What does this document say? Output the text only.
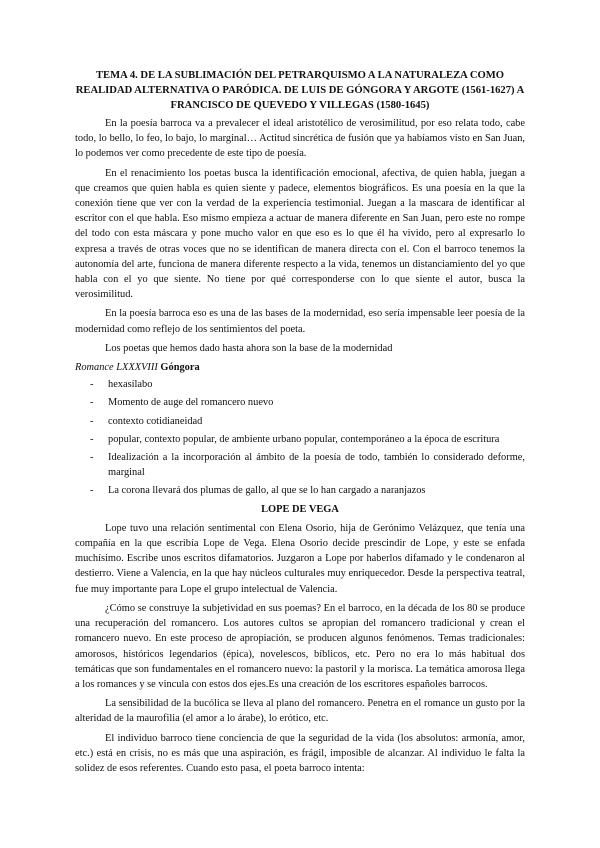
TEMA 4. DE LA SUBLIMACIÓN DEL PETRARQUISMO A LA NATURALEZA COMO REALIDAD ALTERNATIVA O PARÓDICA. DE LUIS DE GÓNGORA Y ARGOTE (1561-1627) A FRANCISCO DE QUEVEDO Y VILLEGAS (1580-1645)

En la poesía barroca va a prevalecer el ideal aristotélico de verosimilitud, por eso relata todo, cabe todo, lo bello, lo feo, lo bajo, lo marginal… Actitud sincrética de fusión que ya habíamos visto en San Juan, lo podemos ver como precedente de este tipo de poesía.

En el renacimiento los poetas busca la identificación emocional, afectiva, de quien habla, juegan a que creamos que quien habla es quien siente y padece, elementos biográficos. Es una poesía en la que la conexión tiene que ver con la verdad de la experiencia testimonial. Juegan a la mascara de identificar al escritor con el que habla. Eso mismo empieza a actuar de manera diferente en San Juan, pero este no rompe del todo con esta máscara y pone mucho valor en que eso es lo que él ha vivido, pero al expresarlo lo expresa a través de otras voces que no se identifican de manera directa con el. Con el barroco tenemos la autonomía del arte, funciona de manera diferente respecto a la vida, tenemos un distanciamiento del yo que habla con el yo que siente. No tiene por qué corresponderse con lo que siente el autor, busca la verosimilitud.

En la poesía barroca eso es una de las bases de la modernidad, eso sería impensable leer poesía de la modernidad como reflejo de los sentimientos del poeta.

Los poetas que hemos dado hasta ahora son la base de la modernidad

Romance LXXXVIII Góngora
- hexasílabo
- Momento de auge del romancero nuevo
- contexto cotidianeidad
- popular, contexto popular, de ambiente urbano popular, contemporáneo a la época de escritura
- Idealización a la incorporación al ámbito de la poesía de todo, también lo considerado deforme, marginal
- La corona llevará dos plumas de gallo, al que se lo han cargado a naranjazos
LOPE DE VEGA

Lope tuvo una relación sentimental con Elena Osorio, hija de Gerónimo Velázquez, que tenía una compañía en la que escribía Lope de Vega. Elena Osorio decide prescindir de Lope, y este se enfada muchísimo. Escribe unos escritos difamatorios. Juzgaron a Lope por haberlos difamado y le condenaron al destierro. Viene a Valencia, en la que hay núcleos culturales muy enriquecedor. Desde la perspectiva teatral, fue muy importante para Lope el grupo intelectual de Valencia.

¿Cómo se construye la subjetividad en sus poemas? En el barroco, en la década de los 80 se produce una recuperación del romancero. Los autores cultos se apropian del romancero tradicional y crean el romancero nuevo. En este proceso de apropiación, se producen algunos fenómenos. Temas tradicionales: amorosos, históricos legendarios (épica), novelescos, bíblicos, etc. Pero no era lo más habitual dos temáticas que son fundamentales en el romancero nuevo: la pastoril y la morisca. La temática amorosa llega a los romances y se vincula con estos dos ejes.Es una creación de los escritores españoles barrocos.

La sensibilidad de la bucólica se lleva al plano del romancero. Penetra en el romance un gusto por la alteridad de la maurofilia (el amor a lo árabe), lo erótico, etc.

El individuo barroco tiene conciencia de que la seguridad de la vida (los absolutos: armonía, amor, etc.) está en crisis, no es más que una aspiración, es frágil, imposible de alcanzar. Al individuo le falta la solidez de esos referentes. Cuando esto pasa, el poeta barroco intenta:
